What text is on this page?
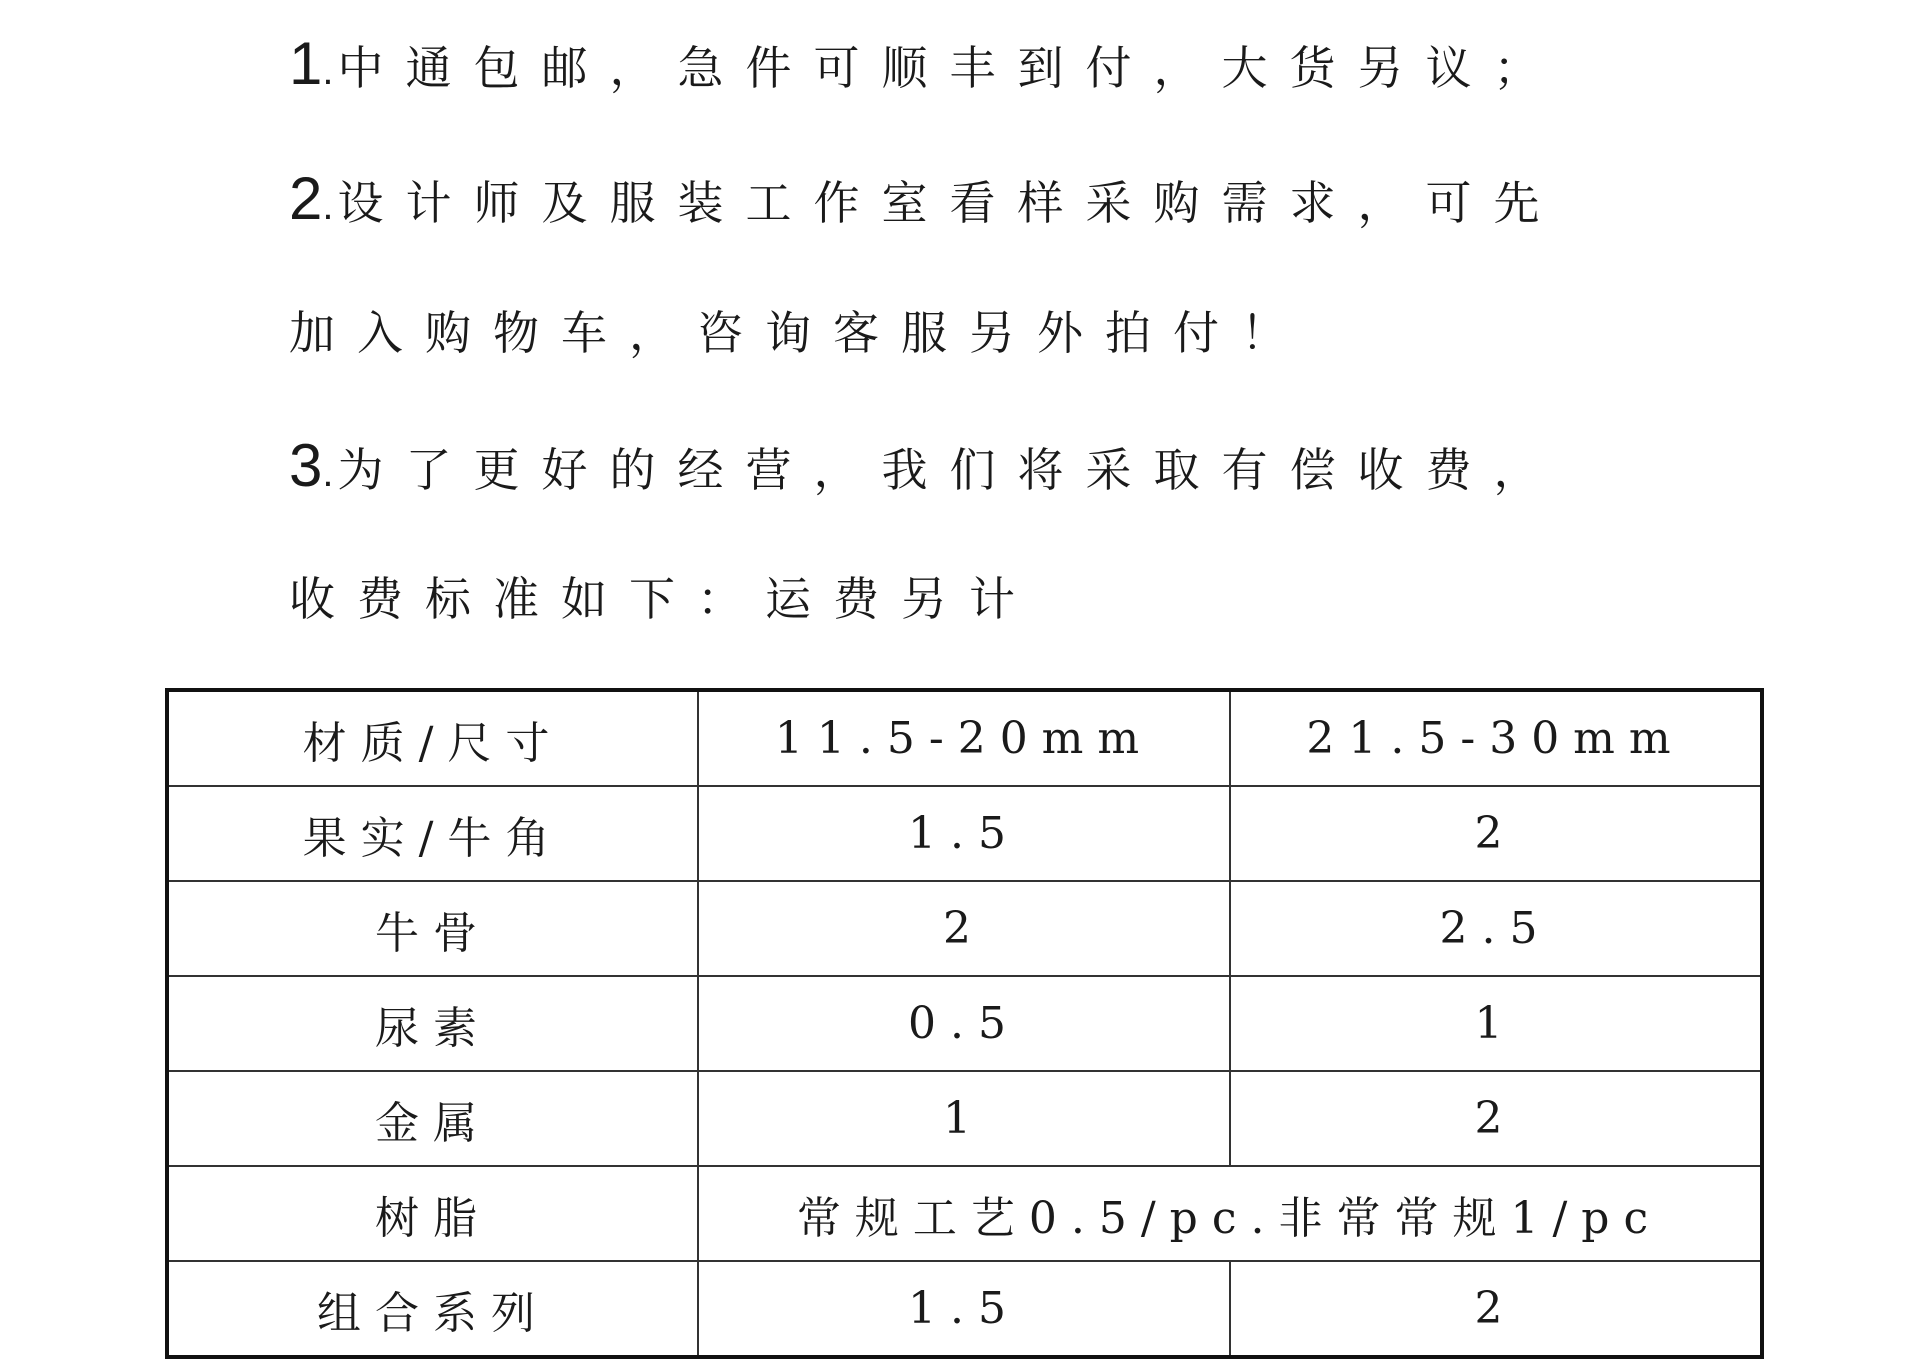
1.中通包邮，急件可顺丰到付，大货另议；
2.设计师及服装工作室看样采购需求，可先
加入购物车，咨询客服另外拍付！
3.为了更好的经营，我们将采取有偿收费，
收费标准如下：运费另计
材质/尺寸	11.5-20mm	21.5-30mm
果实/牛角	1.5	2
牛骨	2	2.5
尿素	0.5	1
金属	1	2
树脂	常规工艺0.5/pc.非常常规1/pc	
组合系列	1.5	2
